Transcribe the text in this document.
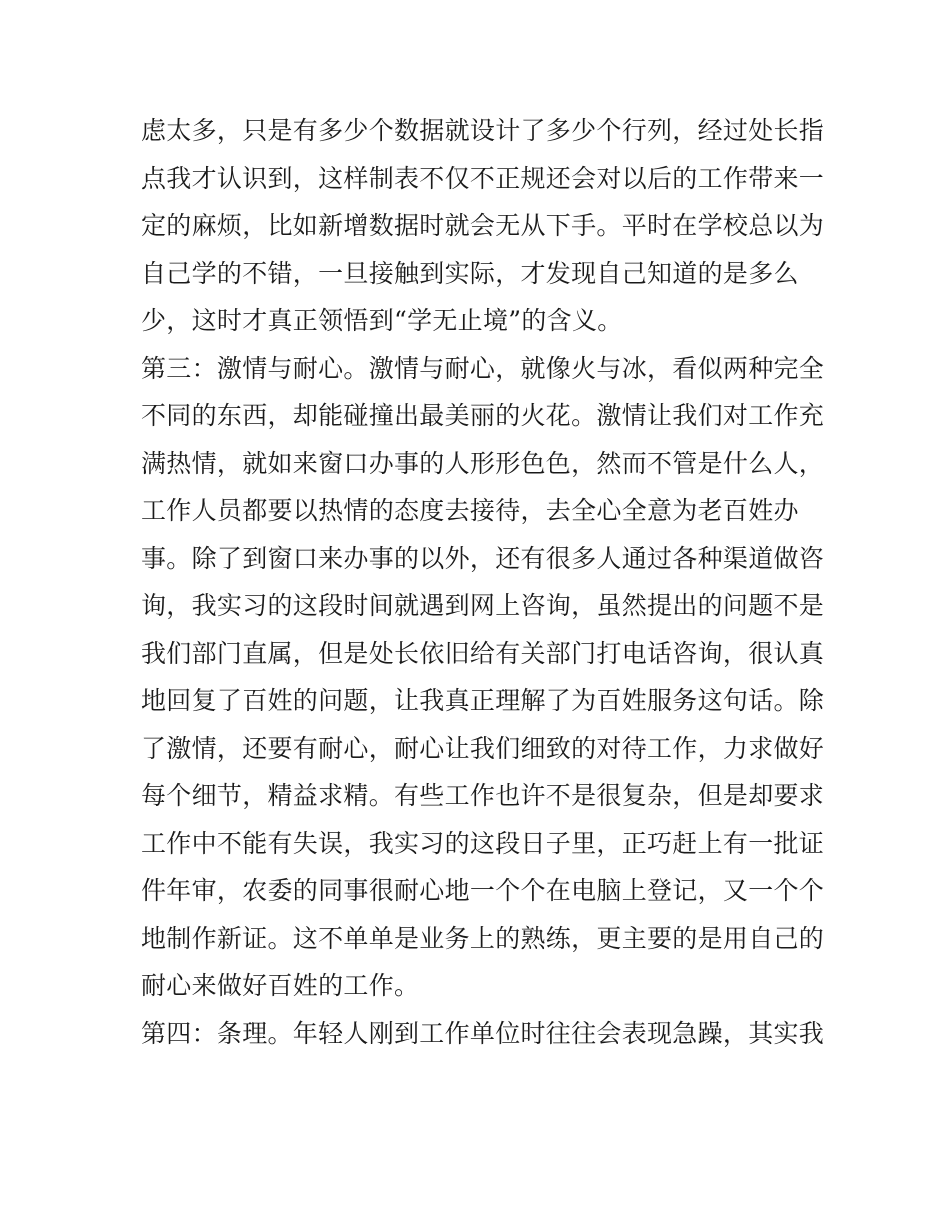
虑太多，只是有多少个数据就设计了多少个行列，经过处长指
点我才认识到，这样制表不仅不正规还会对以后的工作带来一
定的麻烦，比如新增数据时就会无从下手。平时在学校总以为
自己学的不错，一旦接触到实际，才发现自己知道的是多么
少，这时才真正领悟到“学无止境”的含义。
第三：激情与耐心。激情与耐心，就像火与冰，看似两种完全
不同的东西，却能碰撞出最美丽的火花。激情让我们对工作充
满热情，就如来窗口办事的人形形色色，然而不管是什么人，
工作人员都要以热情的态度去接待，去全心全意为老百姓办
事。除了到窗口来办事的以外，还有很多人通过各种渠道做咨
询，我实习的这段时间就遇到网上咨询，虽然提出的问题不是
我们部门直属，但是处长依旧给有关部门打电话咨询，很认真
地回复了百姓的问题，让我真正理解了为百姓服务这句话。除
了激情，还要有耐心，耐心让我们细致的对待工作，力求做好
每个细节，精益求精。有些工作也许不是很复杂，但是却要求
工作中不能有失误，我实习的这段日子里，正巧赶上有一批证
件年审，农委的同事很耐心地一个个在电脑上登记，又一个个
地制作新证。这不单单是业务上的熟练，更主要的是用自己的
耐心来做好百姓的工作。
第四：条理。年轻人刚到工作单位时往往会表现急躁，其实我
